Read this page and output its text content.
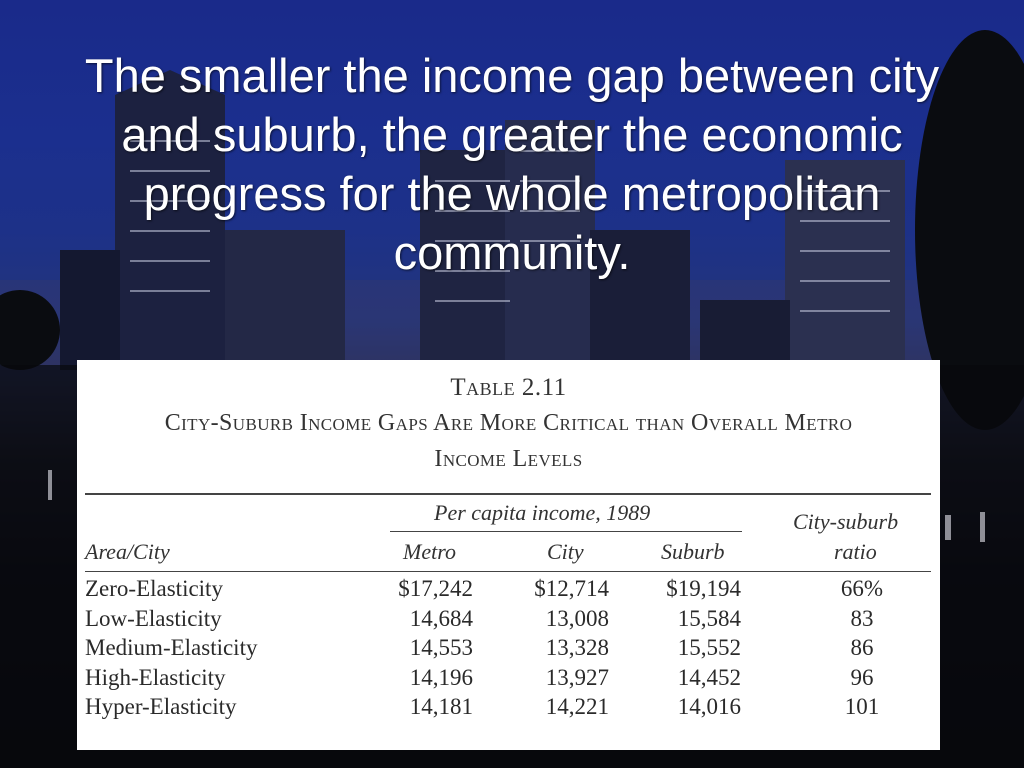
The smaller the income gap between city and suburb, the greater the economic progress for the whole metropolitan community.
Table 2.11
City-Suburb Income Gaps Are More Critical than Overall Metro
Income Levels
Per capita income, 1989	City-suburb
ratio
Area/City	Metro	City	Suburb
Zero-Elasticity	$17,242	$12,714 $19,194	66%
Low-Elasticity	14,684	13,008	15,584	83
Medium-Elasticity	14,553	13,328	15,552	86
High-Elasticity	14,196	13,927	14,452	96
Hyper-Elasticity	14,181	14,221	14,016	101
